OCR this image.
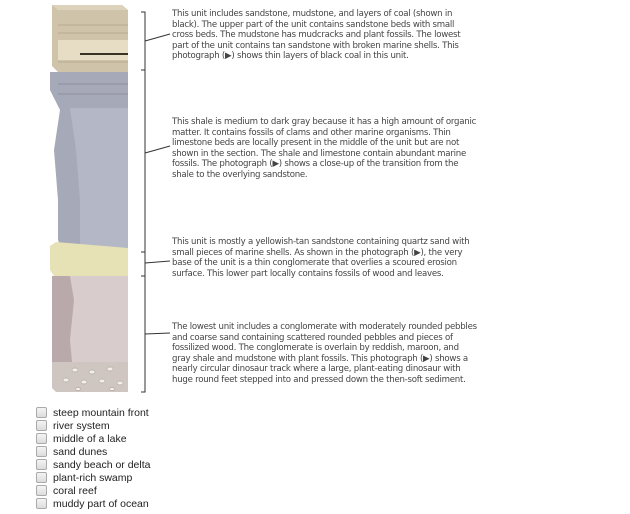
This unit includes sandstone, mudstone, and layers of coal (shown in black). The upper part of the unit contains sandstone beds with small cross beds. The mudstone has mudcracks and plant fossils. The lowest part of the unit contains tan sandstone with broken marine shells. This photograph (▶) shows thin layers of black coal in this unit.
This shale is medium to dark gray because it has a high amount of organic matter. It contains fossils of clams and other marine organisms. Thin limestone beds are locally present in the middle of the unit but are not shown in the section. The shale and limestone contain abundant marine fossils. The photograph (▶) shows a close-up of the transition from the shale to the overlying sandstone.
This unit is mostly a yellowish-tan sandstone containing quartz sand with small pieces of marine shells. As shown in the photograph (▶), the very base of the unit is a thin conglomerate that overlies a scoured erosion surface. This lower part locally contains fossils of wood and leaves.
The lowest unit includes a conglomerate with moderately rounded pebbles and coarse sand containing scattered rounded pebbles and pieces of fossilized wood. The conglomerate is overlain by reddish, maroon, and gray shale and mudstone with plant fossils. This photograph (▶) shows a nearly circular dinosaur track where a large, plant-eating dinosaur with huge round feet stepped into and pressed down the then-soft sediment.
steep mountain front
river system
middle of a lake
sand dunes
sandy beach or delta
plant-rich swamp
coral reef
muddy part of ocean
